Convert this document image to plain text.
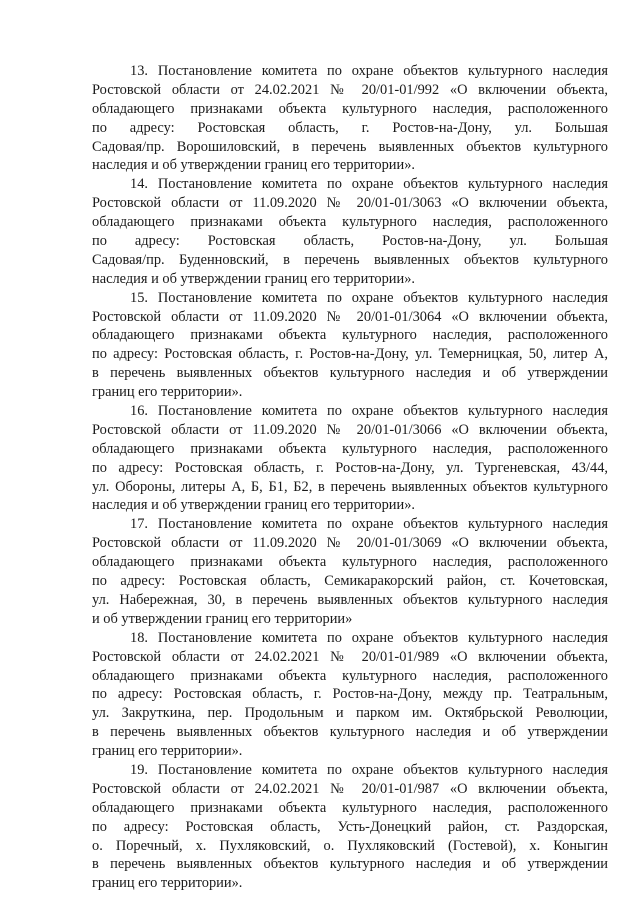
13. Постановление комитета по охране объектов культурного наследия
Ростовской области от 24.02.2021 № 20/01-01/992 «О включении объекта,
обладающего признаками объекта культурного наследия, расположенного
по адресу: Ростовская область, г. Ростов-на-Дону, ул. Большая
Садовая/пр. Ворошиловский, в перечень выявленных объектов культурного
наследия и об утверждении границ его территории».
14. Постановление комитета по охране объектов культурного наследия
Ростовской области от 11.09.2020 № 20/01-01/3063 «О включении объекта,
обладающего признаками объекта культурного наследия, расположенного
по адресу: Ростовская область, Ростов-на-Дону, ул. Большая
Садовая/пр. Буденновский, в перечень выявленных объектов культурного
наследия и об утверждении границ его территории».
15. Постановление комитета по охране объектов культурного наследия
Ростовской области от 11.09.2020 № 20/01-01/3064 «О включении объекта,
обладающего признаками объекта культурного наследия, расположенного
по адресу: Ростовская область, г. Ростов-на-Дону, ул. Темерницкая, 50, литер А,
в перечень выявленных объектов культурного наследия и об утверждении
границ его территории».
16. Постановление комитета по охране объектов культурного наследия
Ростовской области от 11.09.2020 № 20/01-01/3066 «О включении объекта,
обладающего признаками объекта культурного наследия, расположенного
по адресу: Ростовская область, г. Ростов-на-Дону, ул. Тургеневская, 43/44,
ул. Обороны, литеры А, Б, Б1, Б2, в перечень выявленных объектов культурного
наследия и об утверждении границ его территории».
17. Постановление комитета по охране объектов культурного наследия
Ростовской области от 11.09.2020 № 20/01-01/3069 «О включении объекта,
обладающего признаками объекта культурного наследия, расположенного
по адресу: Ростовская область, Семикаракорский район, ст. Кочетовская,
ул. Набережная, 30, в перечень выявленных объектов культурного наследия
и об утверждении границ его территории»
18. Постановление комитета по охране объектов культурного наследия
Ростовской области от 24.02.2021 № 20/01-01/989 «О включении объекта,
обладающего признаками объекта культурного наследия, расположенного
по адресу: Ростовская область, г. Ростов-на-Дону, между пр. Театральным,
ул. Закруткина, пер. Продольным и парком им. Октябрьской Революции,
в перечень выявленных объектов культурного наследия и об утверждении
границ его территории».
19. Постановление комитета по охране объектов культурного наследия
Ростовской области от 24.02.2021 № 20/01-01/987 «О включении объекта,
обладающего признаками объекта культурного наследия, расположенного
по адресу: Ростовская область, Усть-Донецкий район, ст. Раздорская,
о. Поречный, х. Пухляковский, о. Пухляковский (Гостевой), х. Коныгин
в перечень выявленных объектов культурного наследия и об утверждении
границ его территории».
